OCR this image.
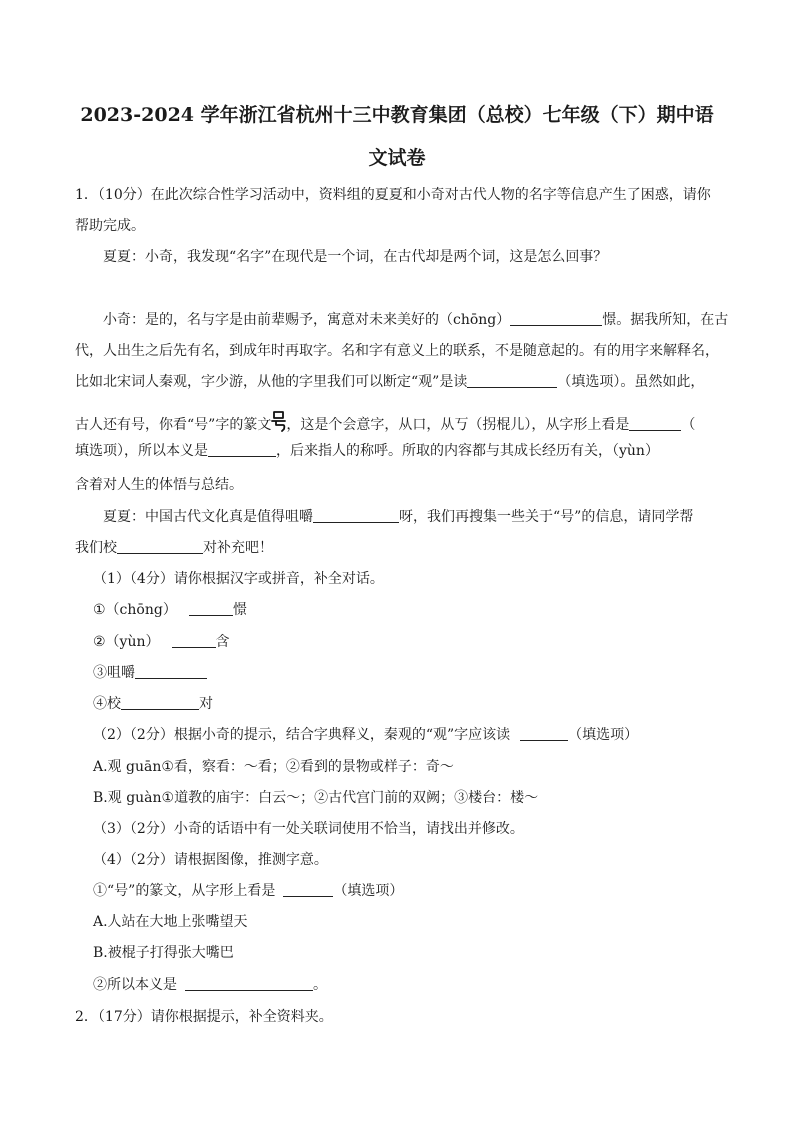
2023-2024 学年浙江省杭州十三中教育集团（总校）七年级（下）期中语
文试卷
1．（10分）在此次综合性学习活动中，资料组的夏夏和小奇对古代人物的名字等信息产生了困惑，请你
帮助完成。
夏夏：小奇，我发现“名字”在现代是一个词，在古代却是两个词，这是怎么回事？
小奇：是的，名与字是由前辈赐予，寓意对未来美好的（chōng）	憬。据我所知，在古
代，人出生之后先有名，到成年时再取字。名和字有意义上的联系，不是随意起的。有的用字来解释名，
比如北宋词人秦观，字少游，从他的字里我们可以断定“观”是读	（填选项）。虽然如此，
古人还有号，你看“号”字的篆文 ，这是个会意字，从口，从丂（拐棍儿），从字形上看是	（
填选项），所以本义是	，后来指人的称呼。所取的内容都与其成长经历有关，（yùn）
含着对人生的体悟与总结。
夏夏：中国古代文化真是值得咀嚼	呀，我们再搜集一些关于“号”的信息，请同学帮
我们校	对补充吧！
（1）（4分）请你根据汉字或拼音，补全对话。
①（chōng）	憬
②（yùn）	含
③咀嚼
④校	对
（2）（2分）根据小奇的提示，结合字典释义，秦观的“观”字应该读	（填选项）
A.观 guān①看，察看：～看；②看到的景物或样子：奇～
B.观 guàn①道教的庙宇：白云～；②古代宫门前的双阙；③楼台：楼～
（3）（2分）小奇的话语中有一处关联词使用不恰当，请找出并修改。
（4）（2分）请根据图像，推测字意。
①“号”的篆文，从字形上看是	（填选项）
A.人站在大地上张嘴望天
B.被棍子打得张大嘴巴
②所以本义是	。
2．（17分）请你根据提示，补全资料夹。
